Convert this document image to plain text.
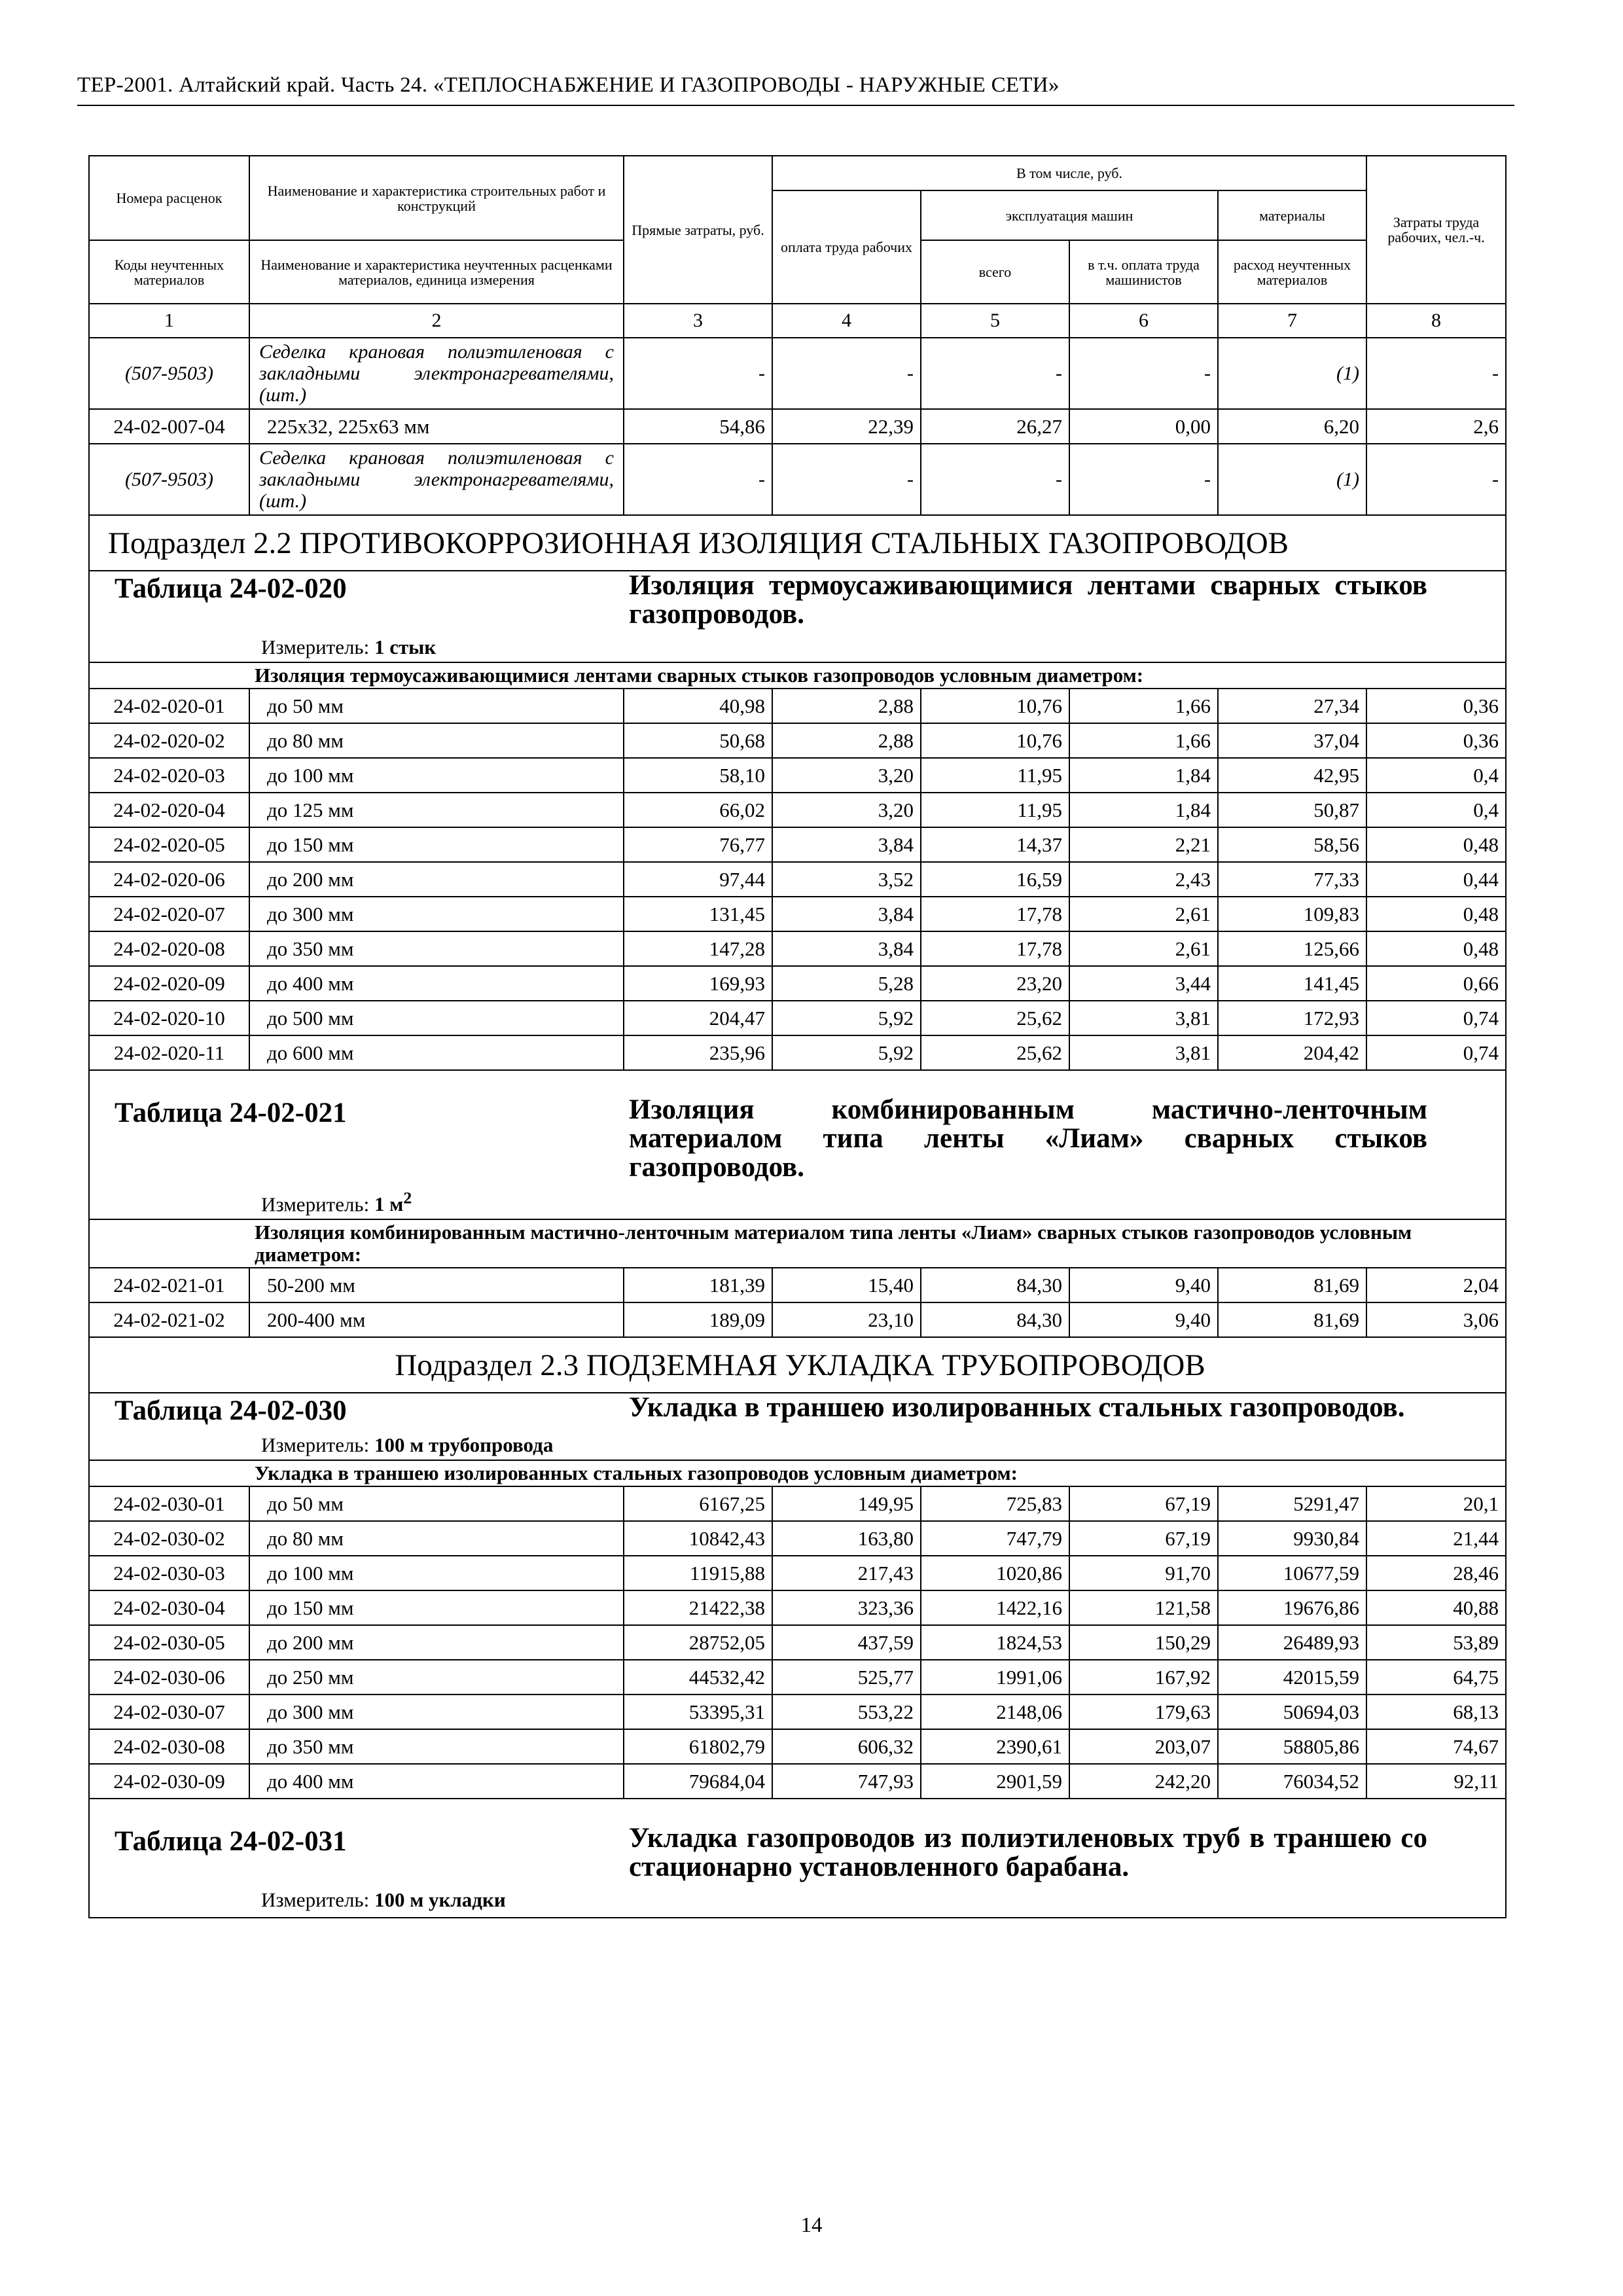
ТЕР-2001. Алтайский край. Часть 24. «ТЕПЛОСНАБЖЕНИЕ И ГАЗОПРОВОДЫ - НАРУЖНЫЕ СЕТИ»
Номера расценок	Наименование и характеристика строительных работ и конструкций	Прямые затраты, руб.	В том числе, руб.				Затраты труда рабочих, чел.-ч.
			оплата труда рабочих	эксплуатация машин		материалы	
Коды неучтенных материалов	Наименование и характеристика неучтенных расценками материалов, единица измерения			всего	в т.ч. оплата труда машинистов	расход неучтенных материалов	
1	2	3	4	5	6	7	8
(507-9503)	Седелка крановая полиэтиленовая с закладными электронагревателями, (шт.)	-	-	-	-	(1)	-
24-02-007-04	225x32, 225x63 мм	54,86	22,39	26,27	0,00	6,20	2,6
(507-9503)	Седелка крановая полиэтиленовая с закладными электронагревателями, (шт.)	-	-	-	-	(1)	-
Подраздел 2.2 ПРОТИВОКОРРОЗИОННАЯ ИЗОЛЯЦИЯ СТАЛЬНЫХ ГАЗОПРОВОДОВ							

Таблица 24-02-020 Изоляция термоусаживающимися лентами сварных стыков газопроводов.
Измеритель: 1 стык							

Изоляция термоусаживающимися лентами сварных стыков газопроводов условным диаметром:							
24-02-020-01	до 50 мм	40,98	2,88	10,76	1,66	27,34	0,36
24-02-020-02	до 80 мм	50,68	2,88	10,76	1,66	37,04	0,36
24-02-020-03	до 100 мм	58,10	3,20	11,95	1,84	42,95	0,4
24-02-020-04	до 125 мм	66,02	3,20	11,95	1,84	50,87	0,4
24-02-020-05	до 150 мм	76,77	3,84	14,37	2,21	58,56	0,48
24-02-020-06	до 200 мм	97,44	3,52	16,59	2,43	77,33	0,44
24-02-020-07	до 300 мм	131,45	3,84	17,78	2,61	109,83	0,48
24-02-020-08	до 350 мм	147,28	3,84	17,78	2,61	125,66	0,48
24-02-020-09	до 400 мм	169,93	5,28	23,20	3,44	141,45	0,66
24-02-020-10	до 500 мм	204,47	5,92	25,62	3,81	172,93	0,74
24-02-020-11	до 600 мм	235,96	5,92	25,62	3,81	204,42	0,74

Таблица 24-02-021 Изоляция комбинированным мастично-ленточным материалом типа ленты «Лиам» сварных стыков газопроводов.
Измеритель: 1 $м^2$

Изоляция комбинированным мастично-ленточным материалом типа ленты «Лиам» сварных стыков газопроводов условным диаметром:							
24-02-021-01	50-200 мм	181,39	15,40	84,30	9,40	81,69	2,04
24-02-021-02	200-400 мм	189,09	23,10	84,30	9,40	81,69	3,06
Подраздел 2.3 ПОДЗЕМНАЯ УКЛАДКА ТРУБОПРОВОДОВ							

Таблица 24-02-030 Укладка в траншею изолированных стальных газопроводов.
Измеритель: 100 м трубопровода							

Укладка в траншею изолированных стальных газопроводов условным диаметром:							
24-02-030-01	до 50 мм	6167,25	149,95	725,83	67,19	5291,47	20,1
24-02-030-02	до 80 мм	10842,43	163,80	747,79	67,19	9930,84	21,44
24-02-030-03	до 100 мм	11915,88	217,43	1020,86	91,70	10677,59	28,46
24-02-030-04	до 150 мм	21422,38	323,36	1422,16	121,58	19676,86	40,88
24-02-030-05	до 200 мм	28752,05	437,59	1824,53	150,29	26489,93	53,89
24-02-030-06	до 250 мм	44532,42	525,77	1991,06	167,92	42015,59	64,75
24-02-030-07	до 300 мм	53395,31	553,22	2148,06	179,63	50694,03	68,13
24-02-030-08	до 350 мм	61802,79	606,32	2390,61	203,07	58805,86	74,67
24-02-030-09	до 400 мм	79684,04	747,93	2901,59	242,20	76034,52	92,11

Таблица 24-02-031 Укладка газопроводов из полиэтиленовых труб в траншею со стационарно установленного барабана.
Измеритель: 100 м укладки							
14
